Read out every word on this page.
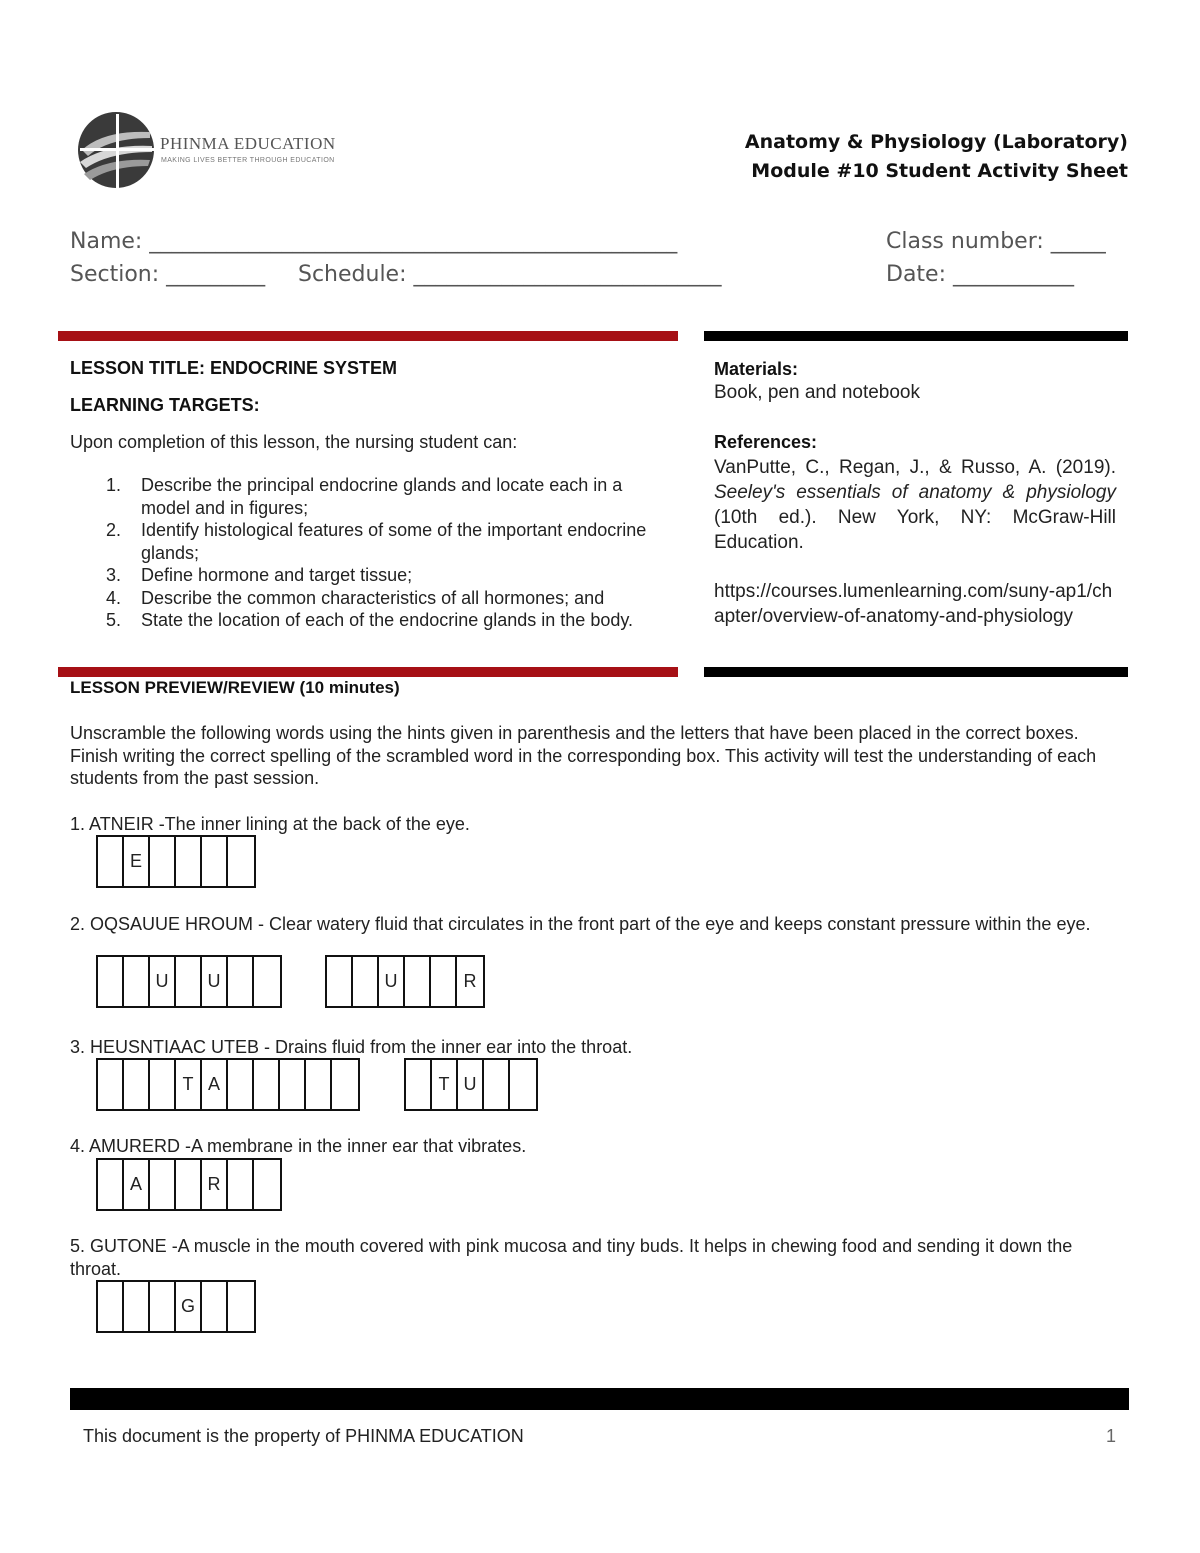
PHINMA EDUCATION
MAKING LIVES BETTER THROUGH EDUCATION
Anatomy & Physiology (Laboratory)
Module #10 Student Activity Sheet
Name: ________________________________________________	Class number: _____
Section: _________ Schedule: ____________________________	Date: ___________
LESSON TITLE: ENDOCRINE SYSTEM
LEARNING TARGETS:
Upon completion of this lesson, the nursing student can:
1. Describe the principal endocrine glands and locate each in a model and in figures;
2. Identify histological features of some of the important endocrine glands;
3. Define hormone and target tissue;
4. Describe the common characteristics of all hormones; and
5. State the location of each of the endocrine glands in the body.
Materials:
Book, pen and notebook
References:
VanPutte, C., Regan, J., & Russo, A. (2019). Seeley's essentials of anatomy & physiology (10th ed.). New York, NY: McGraw-Hill Education.
https://courses.lumenlearning.com/suny-ap1/chapter/overview-of-anatomy-and-physiology
LESSON PREVIEW/REVIEW (10 minutes)
Unscramble the following words using the hints given in parenthesis and the letters that have been placed in the correct boxes. Finish writing the correct spelling of the scrambled word in the corresponding box. This activity will test the understanding of each students from the past session.
1. ATNEIR -The inner lining at the back of the eye.
2. OQSAUUE HROUM - Clear watery fluid that circulates in the front part of the eye and keeps constant pressure within the eye.
3. HEUSNTIAAC UTEB - Drains fluid from the inner ear into the throat.
4. AMURERD -A membrane in the inner ear that vibrates.
5. GUTONE -A muscle in the mouth covered with pink mucosa and tiny buds. It helps in chewing food and sending it down the throat.
E
U	U	U	R
T A	T U
A	R
G
This document is the property of PHINMA EDUCATION	1
